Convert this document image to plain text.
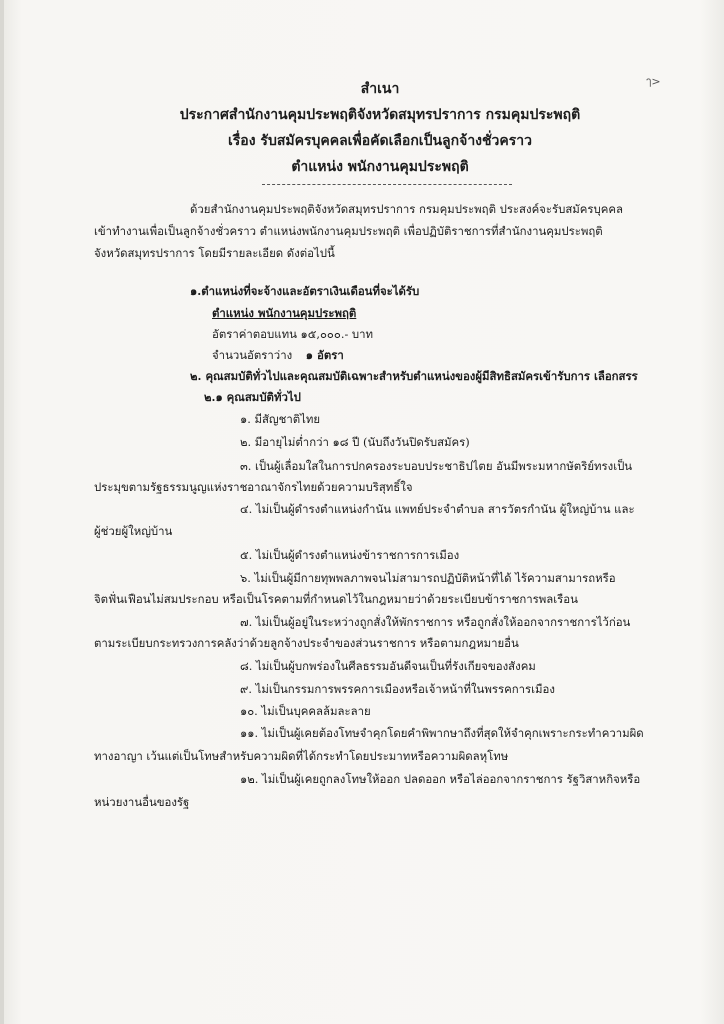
ๅ>
สำเนา
ประกาศสำนักงานคุมประพฤติจังหวัดสมุทรปราการ กรมคุมประพฤติ
เรื่อง รับสมัครบุคคลเพื่อคัดเลือกเป็นลูกจ้างชั่วคราว
ตำแหน่ง พนักงานคุมประพฤติ
ด้วยสำนักงานคุมประพฤติจังหวัดสมุทรปราการ กรมคุมประพฤติ ประสงค์จะรับสมัครบุคคล
เข้าทำงานเพื่อเป็นลูกจ้างชั่วคราว ตำแหน่งพนักงานคุมประพฤติ เพื่อปฏิบัติราชการที่สำนักงานคุมประพฤติ
จังหวัดสมุทรปราการ โดยมีรายละเอียด ดังต่อไปนี้
๑.ตำแหน่งที่จะจ้างและอัตราเงินเดือนที่จะได้รับ
ตำแหน่ง พนักงานคุมประพฤติ
อัตราค่าตอบแทน ๑๕,๐๐๐.- บาท
จำนวนอัตราว่าง ๑ อัตรา
๒. คุณสมบัติทั่วไปและคุณสมบัติเฉพาะสำหรับตำแหน่งของผู้มีสิทธิสมัครเข้ารับการ เลือกสรร
๒.๑ คุณสมบัติทั่วไป
๑. มีสัญชาติไทย
๒. มีอายุไม่ต่ำกว่า ๑๘ ปี (นับถึงวันปิดรับสมัคร)
๓. เป็นผู้เลื่อมใสในการปกครองระบอบประชาธิปไตย อันมีพระมหากษัตริย์ทรงเป็น
ประมุขตามรัฐธรรมนูญแห่งราชอาณาจักรไทยด้วยความบริสุทธิ์ใจ
๔. ไม่เป็นผู้ดำรงตำแหน่งกำนัน แพทย์ประจำตำบล สารวัตรกำนัน ผู้ใหญ่บ้าน และ
ผู้ช่วยผู้ใหญ่บ้าน
๕. ไม่เป็นผู้ดำรงตำแหน่งข้าราชการการเมือง
๖. ไม่เป็นผู้มีกายทุพพลภาพจนไม่สามารถปฏิบัติหน้าที่ได้ ไร้ความสามารถหรือ
จิตฟั่นเฟือนไม่สมประกอบ หรือเป็นโรคตามที่กำหนดไว้ในกฎหมายว่าด้วยระเบียบข้าราชการพลเรือน
๗. ไม่เป็นผู้อยู่ในระหว่างถูกสั่งให้พักราชการ หรือถูกสั่งให้ออกจากราชการไว้ก่อน
ตามระเบียบกระทรวงการคลังว่าด้วยลูกจ้างประจำของส่วนราชการ หรือตามกฎหมายอื่น
๘. ไม่เป็นผู้บกพร่องในศีลธรรมอันดีจนเป็นที่รังเกียจของสังคม
๙. ไม่เป็นกรรมการพรรคการเมืองหรือเจ้าหน้าที่ในพรรคการเมือง
๑๐. ไม่เป็นบุคคลล้มละลาย
๑๑. ไม่เป็นผู้เคยต้องโทษจำคุกโดยคำพิพากษาถึงที่สุดให้จำคุกเพราะกระทำความผิด
ทางอาญา เว้นแต่เป็นโทษสำหรับความผิดที่ได้กระทำโดยประมาทหรือความผิดลหุโทษ
๑๒. ไม่เป็นผู้เคยถูกลงโทษให้ออก ปลดออก หรือไล่ออกจากราชการ รัฐวิสาหกิจหรือ
หน่วยงานอื่นของรัฐ
